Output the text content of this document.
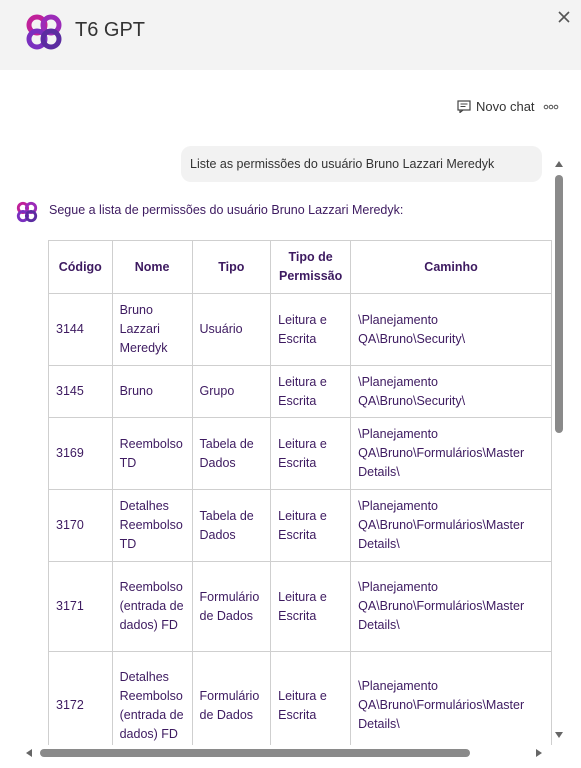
T6 GPT
Novo chat
Liste as permissões do usuário Bruno Lazzari Meredyk
Segue a lista de permissões do usuário Bruno Lazzari Meredyk:
Código	Nome	Tipo	Tipo de Permissão	Caminho
3144	Bruno Lazzari Meredyk	Usuário	Leitura e Escrita	\Planejamento QA\Bruno\Security\
3145	Bruno	Grupo	Leitura e Escrita	\Planejamento QA\Bruno\Security\
3169	Reembolso TD	Tabela de Dados	Leitura e Escrita	\Planejamento QA\Bruno\Formulários\Master Details\
3170	Detalhes Reembolso TD	Tabela de Dados	Leitura e Escrita	\Planejamento QA\Bruno\Formulários\Master Details\
3171	Reembolso (entrada de dados) FD	Formulário de Dados	Leitura e Escrita	\Planejamento QA\Bruno\Formulários\Master Details\
3172	Detalhes Reembolso (entrada de dados) FD	Formulário de Dados	Leitura e Escrita	\Planejamento QA\Bruno\Formulários\Master Details\
